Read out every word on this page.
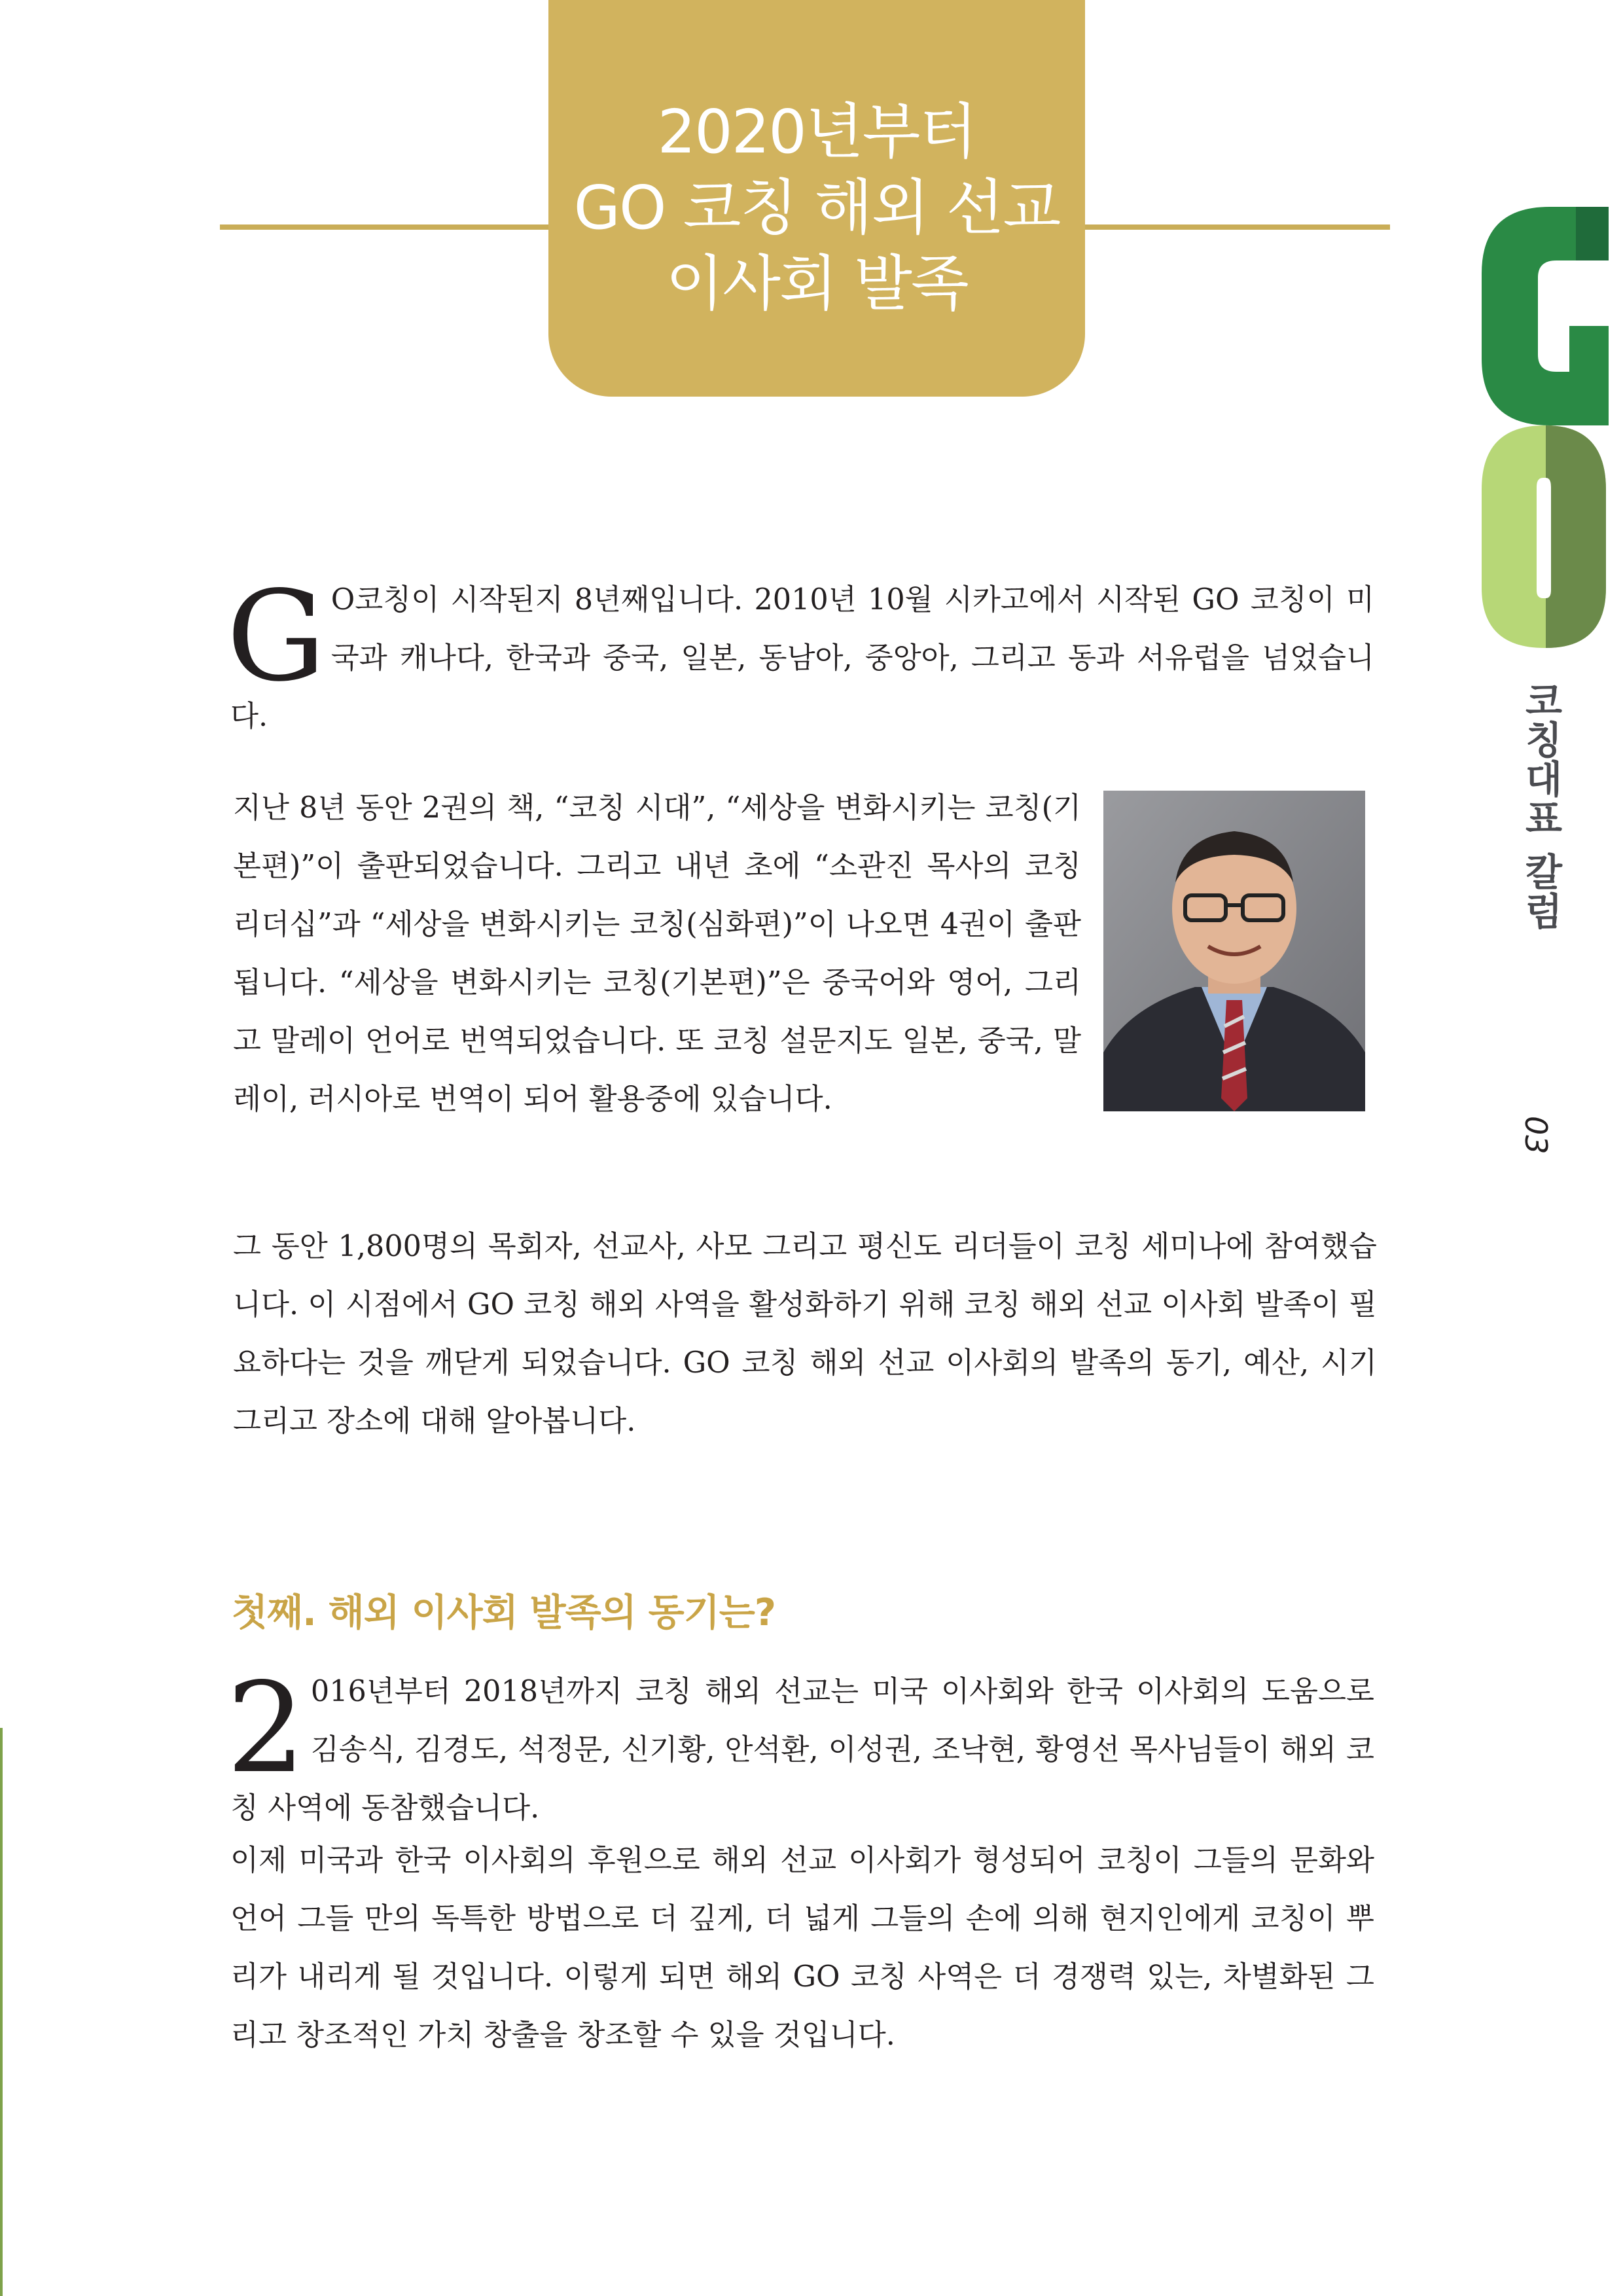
2020년부터
GO 코칭 해외 선교
이사회 발족
코칭대표 칼럼
03
G O코칭이 시작된지 8년째입니다. 2010년 10월 시카고에서 시작된 GO 코칭이 미국과 캐나다, 한국과 중국, 일본, 동남아, 중앙아, 그리고 동과 서유럽을 넘었습니다.
지난 8년 동안 2권의 책, “코칭 시대”, “세상을 변화시키는 코칭(기본편)”이 출판되었습니다. 그리고 내년 초에 “소관진 목사의 코칭 리더십”과 “세상을 변화시키는 코칭(심화편)”이 나오면 4권이 출판됩니다. “세상을 변화시키는 코칭(기본편)”은 중국어와 영어, 그리고 말레이 언어로 번역되었습니다. 또 코칭 설문지도 일본, 중국, 말레이, 러시아로 번역이 되어 활용중에 있습니다.
그 동안 1,800명의 목회자, 선교사, 사모 그리고 평신도 리더들이 코칭 세미나에 참여했습니다. 이 시점에서 GO 코칭 해외 사역을 활성화하기 위해 코칭 해외 선교 이사회 발족이 필요하다는 것을 깨닫게 되었습니다. GO 코칭 해외 선교 이사회의 발족의 동기, 예산, 시기 그리고 장소에 대해 알아봅니다.
첫째. 해외 이사회 발족의 동기는?
2 016년부터 2018년까지 코칭 해외 선교는 미국 이사회와 한국 이사회의 도움으로 김송식, 김경도, 석정문, 신기황, 안석환, 이성권, 조낙현, 황영선 목사님들이 해외 코칭 사역에 동참했습니다.
이제 미국과 한국 이사회의 후원으로 해외 선교 이사회가 형성되어 코칭이 그들의 문화와 언어 그들 만의 독특한 방법으로 더 깊게, 더 넓게 그들의 손에 의해 현지인에게 코칭이 뿌리가 내리게 될 것입니다. 이렇게 되면 해외 GO 코칭 사역은 더 경쟁력 있는, 차별화된 그리고 창조적인 가치 창출을 창조할 수 있을 것입니다.
